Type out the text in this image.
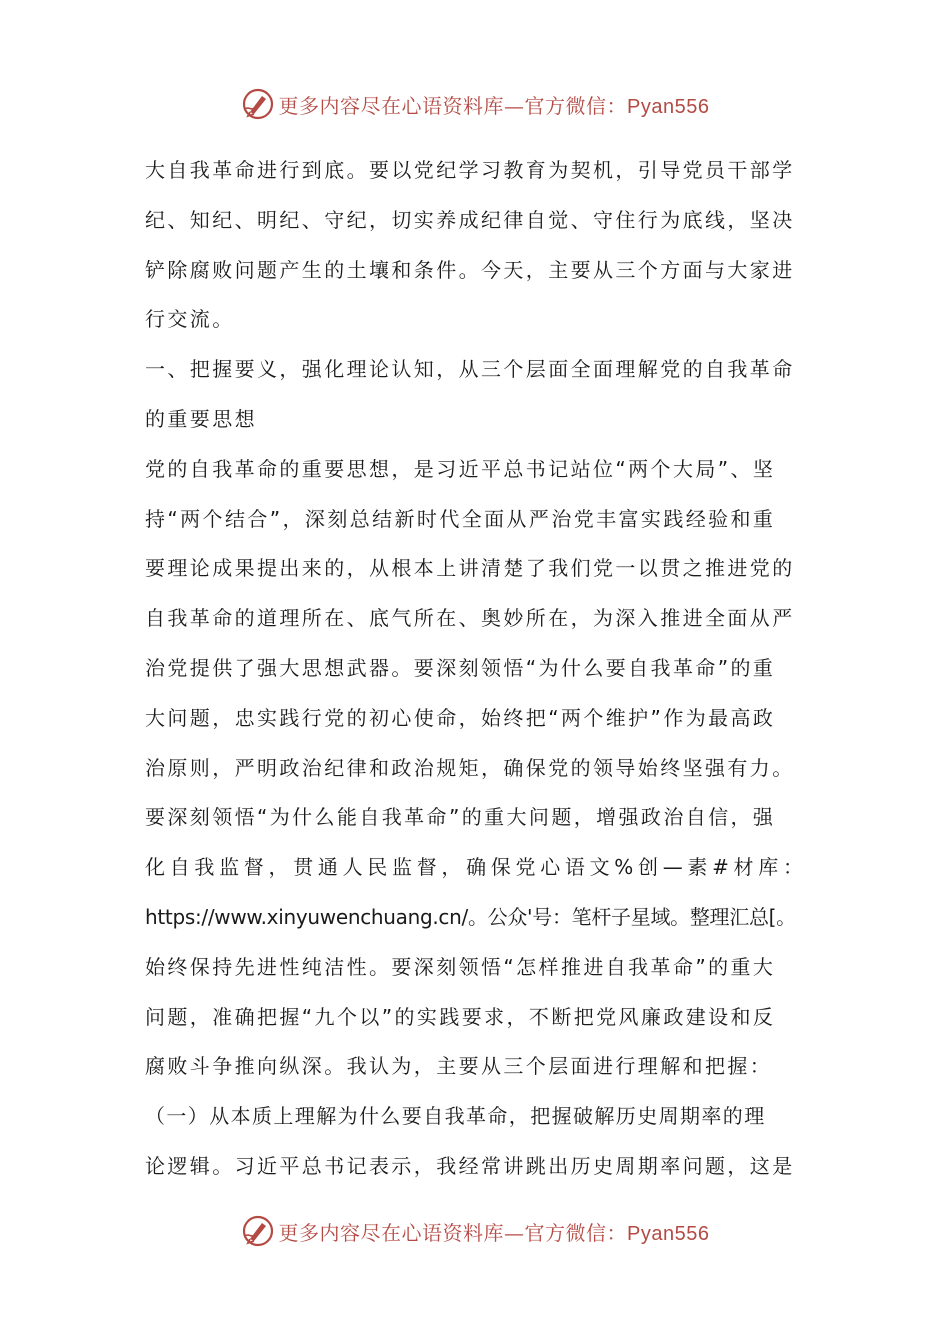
更多内容尽在心语资料库—官方微信：Pyan556
大自我革命进行到底。要以党纪学习教育为契机，引导党员干部学
纪、知纪、明纪、守纪，切实养成纪律自觉、守住行为底线，坚决
铲除腐败问题产生的土壤和条件。今天，主要从三个方面与大家进
行交流。
一、把握要义，强化理论认知，从三个层面全面理解党的自我革命
的重要思想
党的自我革命的重要思想，是习近平总书记站位“两个大局”、坚
持“两个结合”，深刻总结新时代全面从严治党丰富实践经验和重
要理论成果提出来的，从根本上讲清楚了我们党一以贯之推进党的
自我革命的道理所在、底气所在、奥妙所在，为深入推进全面从严
治党提供了强大思想武器。要深刻领悟“为什么要自我革命”的重
大问题，忠实践行党的初心使命，始终把“两个维护”作为最高政
治原则，严明政治纪律和政治规矩，确保党的领导始终坚强有力。
要深刻领悟“为什么能自我革命”的重大问题，增强政治自信，强
化自我监督，贯通人民监督，确保党心语文%创—素#材库：
https://www.xinyuwenchuang.cn/。公众'号：笔杆子星域。整理汇总[。
始终保持先进性纯洁性。要深刻领悟“怎样推进自我革命”的重大
问题，准确把握“九个以”的实践要求，不断把党风廉政建设和反
腐败斗争推向纵深。我认为，主要从三个层面进行理解和把握：
（一）从本质上理解为什么要自我革命，把握破解历史周期率的理
论逻辑。习近平总书记表示，我经常讲跳出历史周期率问题，这是
更多内容尽在心语资料库—官方微信：Pyan556
